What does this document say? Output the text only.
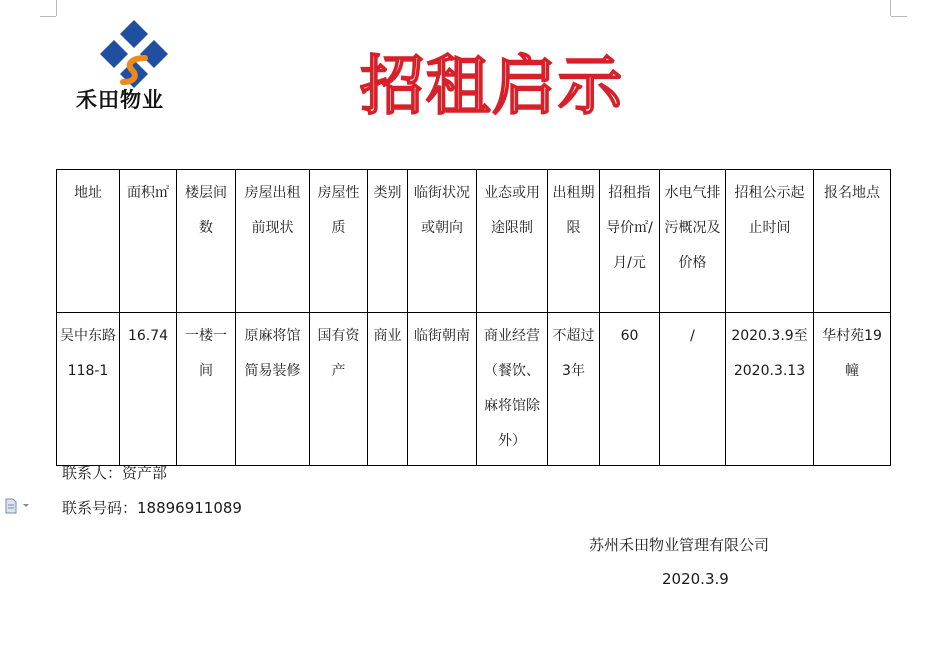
禾田物业	招租启示
地址	面积㎡	楼层间数	房屋出租前现状	房屋性质	类别	临街状况或朝向	业态或用途限制	出租期限	招租指导价㎡/月/元	水电气排污概况及价格	招租公示起止时间	报名地点
吴中东路118-1	16.74	一楼一间	原麻将馆简易装修	国有资产	商业	临街朝南	商业经营（餐饮、麻将馆除外）	不超过3年	60	/	2020.3.9至2020.3.13	华村苑19幢
联系人：资产部
联系号码：18896911089
苏州禾田物业管理有限公司
2020.3.9
